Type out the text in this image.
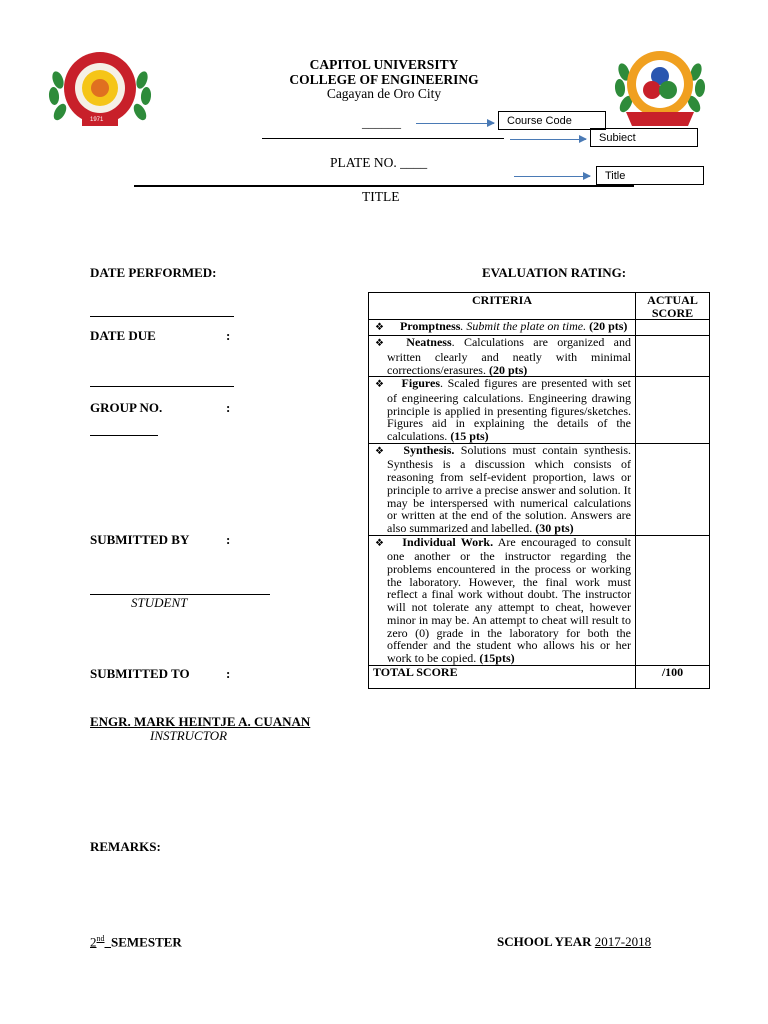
1971
CAPITOL UNIVERSITY
COLLEGE OF ENGINEERING
Cagayan de Oro City
______	Course Code
Subiect
PLATE NO. ____
Title
TITLE
DATE PERFORMED:
DATE DUE	:
GROUP NO.	:
SUBMITTED BY	:
STUDENT
SUBMITTED TO	:
ENGR. MARK HEINTJE A. CUANAN
INSTRUCTOR
REMARKS:
EVALUATION RATING:
CRITERIA	ACTUAL
SCORE

❖ Promptness. Submit the plate on time. (20 pts)	
❖ Neatness. Calculations are organized and written clearly and neatly with minimal corrections/erasures. (20 pts)	
❖ Figures. Scaled figures are presented with set of engineering calculations. Engineering drawing principle is applied in presenting figures/sketches. Figures aid in explaining the details of the calculations. (15 pts)	
❖ Synthesis. Solutions must contain synthesis. Synthesis is a discussion which consists of reasoning from self-evident proportion, laws or principle to arrive a precise answer and solution. It may be interspersed with numerical calculations or written at the end of the solution. Answers are also summarized and labelled. (30 pts)	
❖ Individual Work. Are encouraged to consult one another or the instructor regarding the problems encountered in the process or working the laboratory. However, the final work must reflect a final work without doubt. The instructor will not tolerate any attempt to cheat, however minor in may be. An attempt to cheat will result to zero (0) grade in the laboratory for both the offender and the student who allows his or her work to be copied. (15pts)	
TOTAL SCORE	/100
2nd SEMESTER	SCHOOL YEAR 2017-2018
